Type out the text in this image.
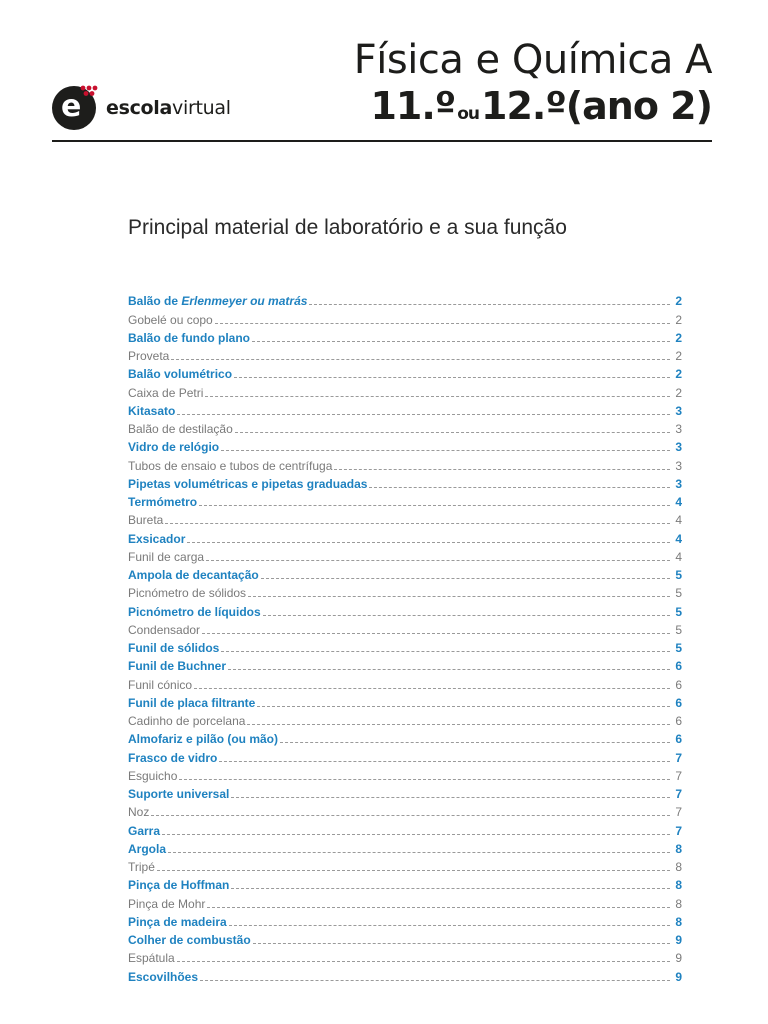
e escolavirtual
Física e Química A
11.º ou12.º(ano 2)
Principal material de laboratório e a sua função
Balão de Erlenmeyer ou matrás	2
Gobelé ou copo	2
Balão de fundo plano	2
Proveta	2
Balão volumétrico	2
Caixa de Petri	2
Kitasato	3
Balão de destilação	3
Vidro de relógio	3
Tubos de ensaio e tubos de centrífuga	3
Pipetas volumétricas e pipetas graduadas	3
Termómetro	4
Bureta	4
Exsicador	4
Funil de carga	4
Ampola de decantação	5
Picnómetro de sólidos	5
Picnómetro de líquidos	5
Condensador	5
Funil de sólidos	5
Funil de Buchner	6
Funil cónico	6
Funil de placa filtrante	6
Cadinho de porcelana	6
Almofariz e pilão (ou mão)	6
Frasco de vidro	7
Esguicho	7
Suporte universal	7
Noz	7
Garra	7
Argola	8
Tripé	8
Pinça de Hoffman	8
Pinça de Mohr	8
Pinça de madeira	8
Colher de combustão	9
Espátula	9
Escovilhões	9
